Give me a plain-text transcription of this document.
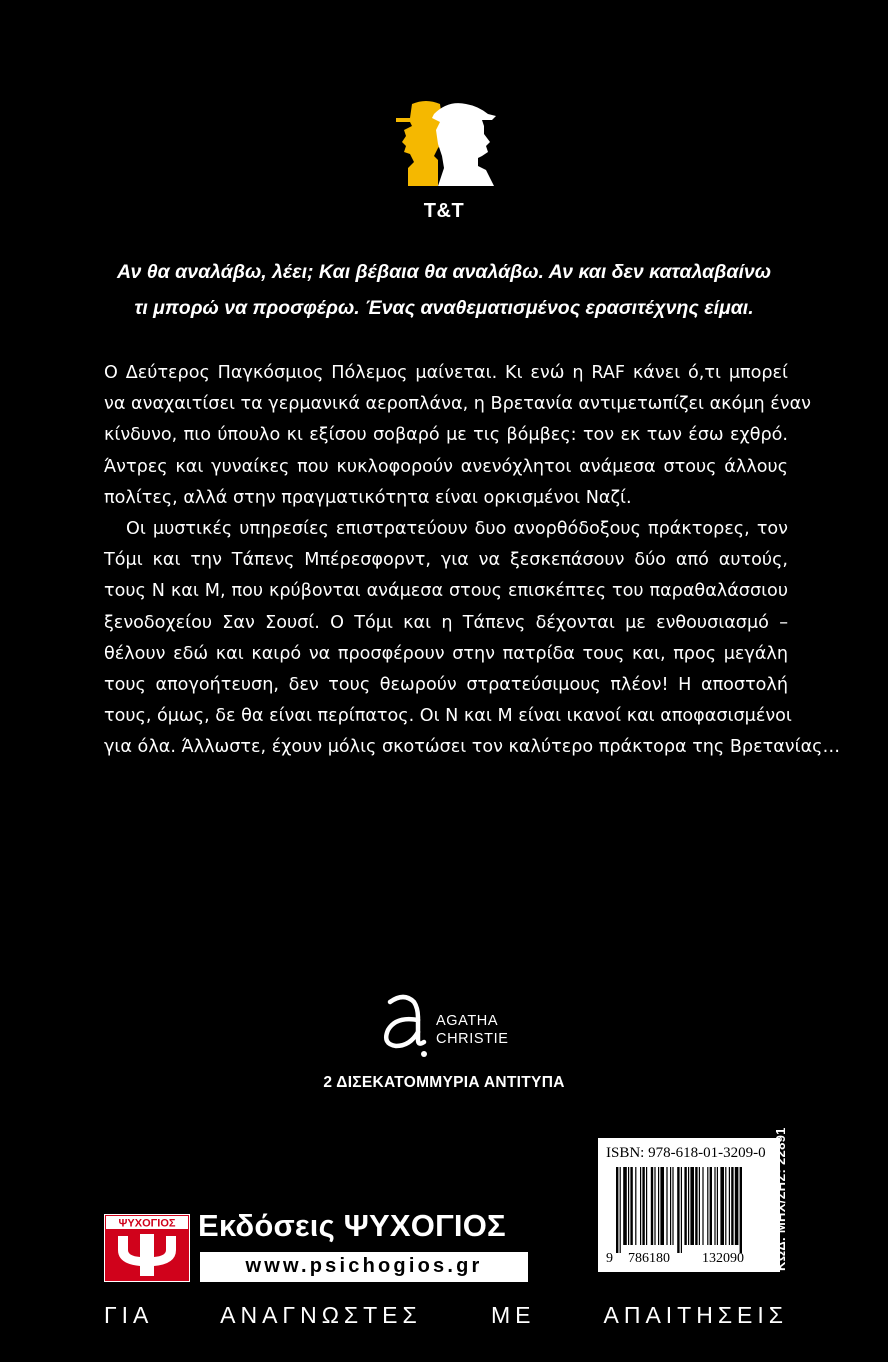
T&T
Αν θα αναλάβω, λέει; Και βέβαια θα αναλάβω. Αν και δεν καταλαβαίνω
τι μπορώ να προσφέρω. Ένας αναθεματισμένος ερασιτέχνης είμαι.

Ο Δεύτερος Παγκόσμιος Πόλεμος μαίνεται. Κι ενώ η RAF κάνει ό,τι μπορεί
να αναχαιτίσει τα γερμανικά αεροπλάνα, η Βρετανία αντιμετωπίζει ακόμη έναν
κίνδυνο, πιο ύπουλο κι εξίσου σοβαρό με τις βόμβες: τον εκ των έσω εχθρό.
Άντρες και γυναίκες που κυκλοφορούν ανενόχλητοι ανάμεσα στους άλλους
πολίτες, αλλά στην πραγματικότητα είναι ορκισμένοι Ναζί.

Οι μυστικές υπηρεσίες επιστρατεύουν δυο ανορθόδοξους πράκτορες, τον
Τόμι και την Τάπενς Μπέρεσφορντ, για να ξεσκεπάσουν δύο από αυτούς,
τους Ν και Μ, που κρύβονται ανάμεσα στους επισκέπτες του παραθαλάσσιου
ξενοδοχείου Σαν Σουσί. Ο Τόμι και η Τάπενς δέχονται με ενθουσιασμό –
θέλουν εδώ και καιρό να προσφέρουν στην πατρίδα τους και, προς μεγάλη
τους απογοήτευση, δεν τους θεωρούν στρατεύσιμους πλέον! Η αποστολή
τους, όμως, δε θα είναι περίπατος. Οι Ν και Μ είναι ικανοί και αποφασισμένοι
για όλα. Άλλωστε, έχουν μόλις σκοτώσει τον καλύτερο πράκτορα της Βρετανίας…

AGATHA
CHRISTIE
2 ΔΙΣΕΚΑΤΟΜΜΥΡΙΑ ΑΝΤΙΤΥΠΑ
ISBN: 978-618-01-3209-0
9 786180 132090 ΚΩΔ. ΜΗΧ/ΣΗΣ: 22891
ΨΥΧΟΓΙΟΣ Εκδόσεις ΨΥΧΟΓΙΟΣ
www.psichogios.gr
ΓΙΑ ΑΝΑΓΝΩΣΤΕΣ ΜΕ ΑΠΑΙΤΗΣΕΙΣ
